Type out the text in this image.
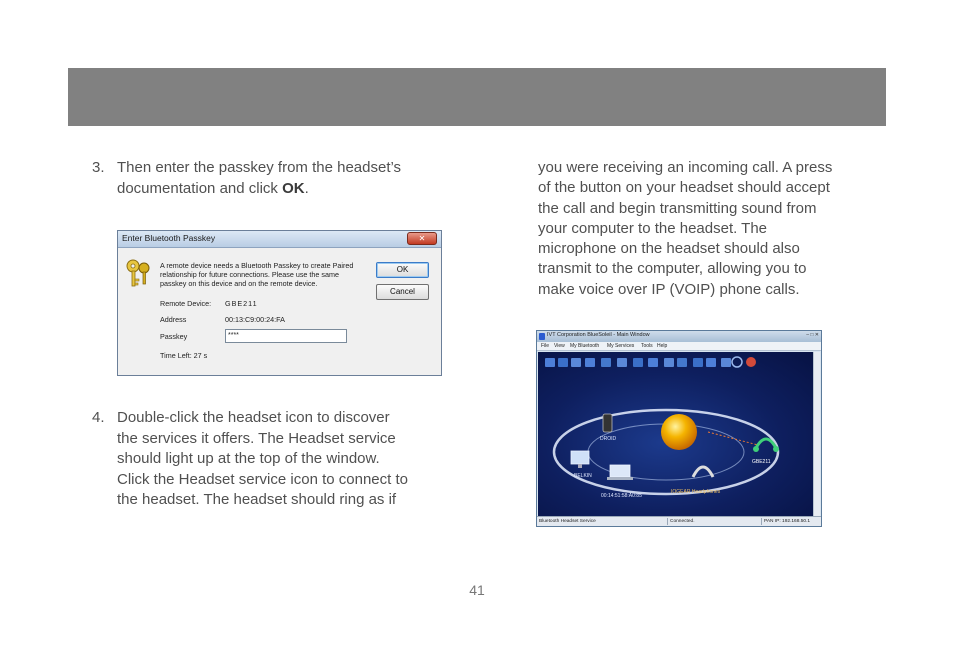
3. Then enter the passkey from the headset’s
documentation and click OK.
Enter Bluetooth Passkey	✕
A remote device needs a Bluetooth Passkey to create Paired
relationship for future connections. Please use the same
passkey on this device and on the remote device.
OK
Cancel
Remote Device: GBE211
Address	00:13:C9:00:24:FA
Passkey	****
Time Left: 27 s
4. Double-click the headset icon to discover
the services it offers. The Headset service
should light up at the top of the window.
Click the Headset service icon to connect to
the headset. The headset should ring as if
you were receiving an incoming call. A press
of the button on your headset should accept
the call and begin transmitting sound from
your computer to the headset. The
microphone on the headset should also
transmit to the computer, allowing you to
make voice over IP (VOIP) phone calls.
IVT Corporation BlueSoleil - Main Window	– □ ✕
File View My Bluetooth My Services Tools Help
DROID
BELKIN
00:14:51:58:A0:85
IOGEAR Headphones
GBE211
Bluetooth Headset Service	Connected.	PAN IP: 192.168.50.1
41
